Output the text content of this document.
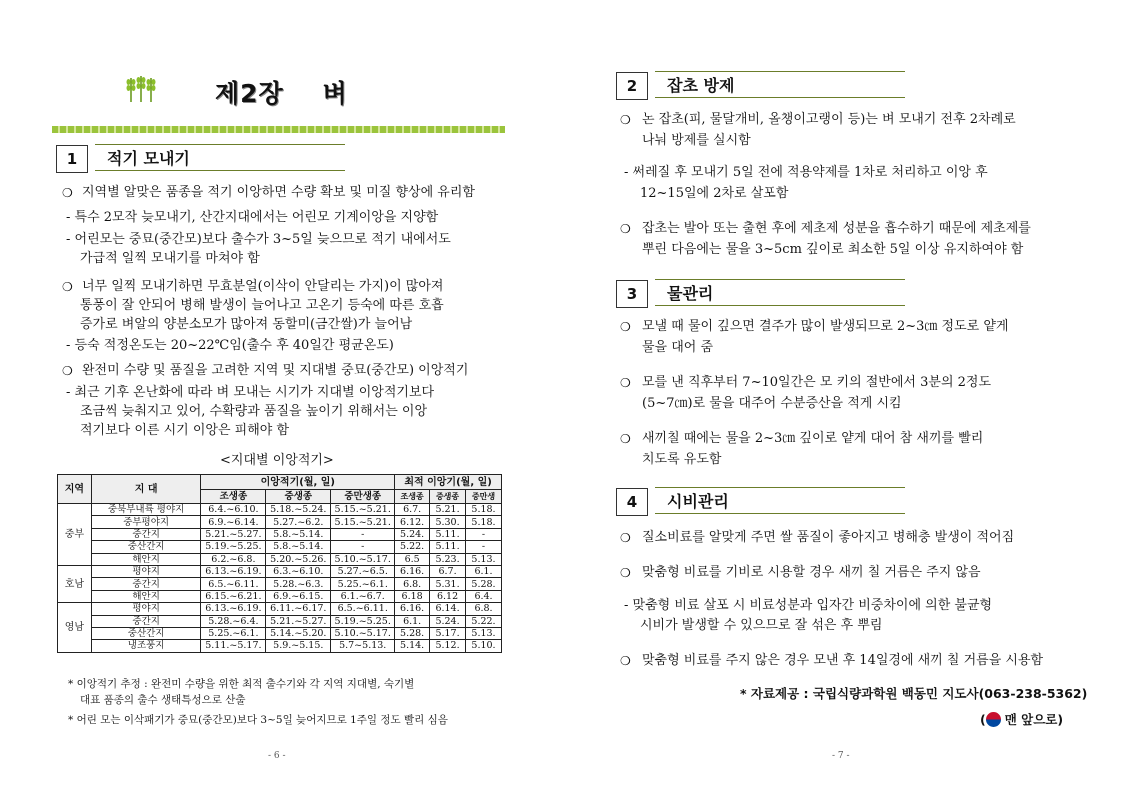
제2장    벼
1	적기 모내기
❍ 지역별 알맞은 품종을 적기 이앙하면 수량 확보 및 미질 향상에 유리함
- 특수 2모작 늦모내기, 산간지대에서는 어린모 기계이앙을 지양함
- 어린모는 중묘(중간모)보다 출수가 3~5일 늦으므로 적기 내에서도
가급적 일찍 모내기를 마쳐야 함
❍ 너무 일찍 모내기하면 무효분얼(이삭이 안달리는 가지)이 많아져
통풍이 잘 안되어 병해 발생이 늘어나고 고온기 등숙에 따른 호흡
증가로 벼알의 양분소모가 많아져 동할미(금간쌀)가 늘어남
- 등숙 적정온도는 20~22℃임(출수 후 40일간 평균온도)
❍ 완전미 수량 및 품질을 고려한 지역 및 지대별 중묘(중간모) 이앙적기
- 최근 기후 온난화에 따라 벼 모내는 시기가 지대별 이앙적기보다
조금씩 늦춰지고 있어, 수확량과 품질을 높이기 위해서는 이앙
적기보다 이른 시기 이앙은 피해야 함
<지대별 이앙적기>
지역	지 대	이앙적기(월, 일)			최적 이앙기(월, 일)		
		조생종	중생종	중만생종	조생종	중생종	중만생
중부	중북부내륙 평야지	6.4.~6.10.	5.18.~5.24.	5.15.~5.21.	6.7.	5.21.	5.18.
	중부평야지	6.9.~6.14.	5.27.~6.2.	5.15.~5.21.	6.12.	5.30.	5.18.
	중간지	5.21.~5.27.	5.8.~5.14.	-	5.24.	5.11.	-
	중산간지	5.19.~5.25.	5.8.~5.14.	-	5.22.	5.11.	-
	해안지	6.2.~6.8.	5.20.~5.26.	5.10.~5.17.	6.5	5.23.	5.13.
호남	평야지	6.13.~6.19.	6.3.~6.10.	5.27.~6.5.	6.16.	6.7.	6.1.
	중간지	6.5.~6.11.	5.28.~6.3.	5.25.~6.1.	6.8.	5.31.	5.28.
	해안지	6.15.~6.21.	6.9.~6.15.	6.1.~6.7.	6.18	6.12	6.4.
영남	평야지	6.13.~6.19.	6.11.~6.17.	6.5.~6.11.	6.16.	6.14.	6.8.
	중간지	5.28.~6.4.	5.21.~5.27.	5.19.~5.25.	6.1.	5.24.	5.22.
	중산간지	5.25.~6.1.	5.14.~5.20.	5.10.~5.17.	5.28.	5.17.	5.13.
	냉조풍지	5.11.~5.17.	5.9.~5.15.	5.7~5.13.	5.14.	5.12.	5.10.
* 이앙적기 추정 : 완전미 수량을 위한 최적 출수기와 각 지역 지대별, 숙기별
대표 품종의 출수 생태특성으로 산출
* 어린 모는 이삭패기가 중묘(중간모)보다 3~5일 늦어지므로 1주일 정도 빨리 심음
- 6 -
2	잡초 방제
❍ 논 잡초(피, 물달개비, 올챙이고랭이 등)는 벼 모내기 전후 2차례로
나눠 방제를 실시함
- 써레질 후 모내기 5일 전에 적용약제를 1차로 처리하고 이앙 후
12~15일에 2차로 살포함
❍ 잡초는 발아 또는 출현 후에 제초제 성분을 흡수하기 때문에 제초제를
뿌린 다음에는 물을 3~5cm 깊이로 최소한 5일 이상 유지하여야 함
3	물관리
❍ 모낼 때 물이 깊으면 결주가 많이 발생되므로 2~3㎝ 정도로 얕게
물을 대어 줌
❍ 모를 낸 직후부터 7~10일간은 모 키의 절반에서 3분의 2정도
(5~7㎝)로 물을 대주어 수분증산을 적게 시킴
❍ 새끼칠 때에는 물을 2~3㎝ 깊이로 얕게 대어 참 새끼를 빨리
치도록 유도함
4	시비관리
❍ 질소비료를 알맞게 주면 쌀 품질이 좋아지고 병해충 발생이 적어짐
❍ 맞춤형 비료를 기비로 시용할 경우 새끼 칠 거름은 주지 않음
- 맞춤형 비료 살포 시 비료성분과 입자간 비중차이에 의한 불균형
시비가 발생할 수 있으므로 잘 섞은 후 뿌림
❍ 맞춤형 비료를 주지 않은 경우 모낸 후 14일경에 새끼 칠 거름을 시용함
* 자료제공 : 국립식량과학원 백동민 지도사(063-238-5362)
( 맨 앞으로)
- 7 -
